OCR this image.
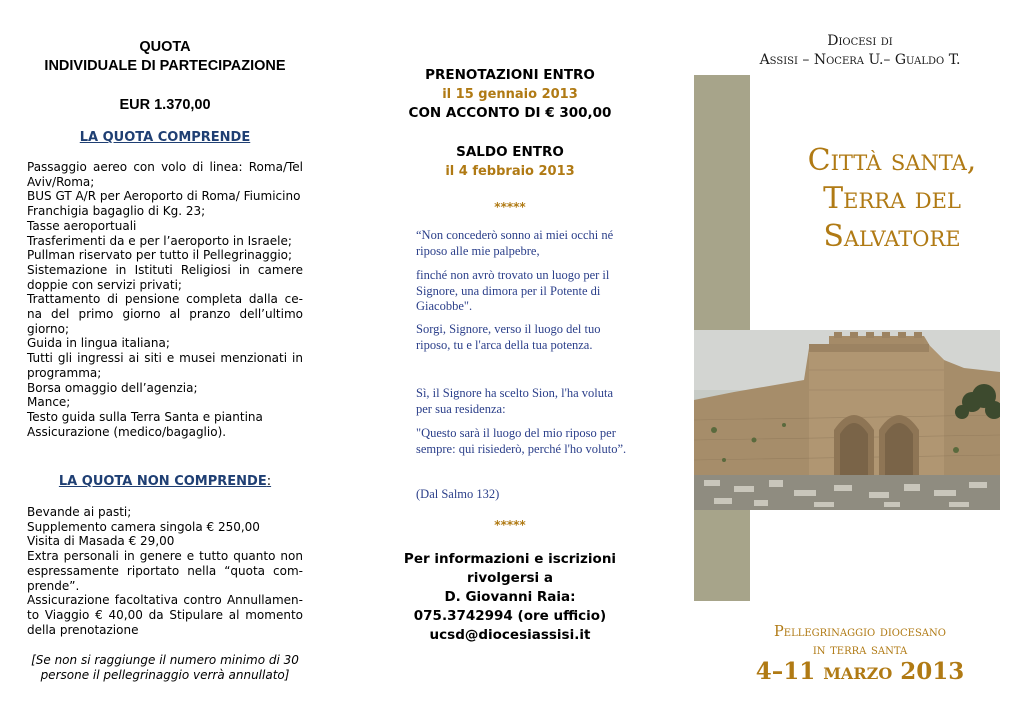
QUOTA
INDIVIDUALE DI PARTECIPAZIONE
EUR 1.370,00
LA QUOTA COMPRENDE
Passaggio aereo con volo di linea: Roma/Tel Aviv/Roma;
BUS GT A/R per Aeroporto di Roma/ Fiumicino
Franchigia bagaglio di Kg. 23;
Tasse aeroportuali
Trasferimenti da e per l’aeroporto in Israele;
Pullman riservato per tutto il Pellegrinaggio;
Sistemazione in Istituti Religiosi in camere doppie con servizi privati;
Trattamento di pensione completa dalla ce-na del primo giorno al pranzo dell’ultimo giorno;
Guida in lingua italiana;
Tutti gli ingressi ai siti e musei menzionati in programma;
Borsa omaggio dell’agenzia;
Mance;
Testo guida sulla Terra Santa e piantina
Assicurazione (medico/bagaglio).
LA QUOTA NON COMPRENDE:
Bevande ai pasti;
Supplemento camera singola € 250,00
Visita di Masada € 29,00
Extra personali in genere e tutto quanto non espressamente riportato nella “quota com-prende”.
Assicurazione facoltativa contro Annullamen-to Viaggio € 40,00 da Stipulare al momento della prenotazione
[Se non si raggiunge il numero minimo di 30 persone il pellegrinaggio verrà annullato]
PRENOTAZIONI ENTRO
il 15 gennaio 2013
CON ACCONTO DI € 300,00
SALDO ENTRO
il 4 febbraio 2013
*****
“Non concederò sonno ai miei occhi né riposo alle mie palpebre,
finché non avrò trovato un luogo per il Signore, una dimora per il Potente di Giacobbe".
Sorgi, Signore, verso il luogo del tuo riposo, tu e l'arca della tua potenza.
Sì, il Signore ha scelto Sion, l'ha voluta per sua residenza:
"Questo sarà il luogo del mio riposo per sempre: qui risiederò, perché l'ho voluto”.
(Dal Salmo 132)
*****
Per informazioni e iscrizioni
rivolgersi a
D. Giovanni Raia:
075.3742994 (ore ufficio)
ucsd@diocesiassisi.it
Diocesi di
Assisi – Nocera U.– Gualdo T.
Città santa,
Terra del
Salvatore
Pellegrinaggio diocesano
in terra santa
4–11 marzo 2013
